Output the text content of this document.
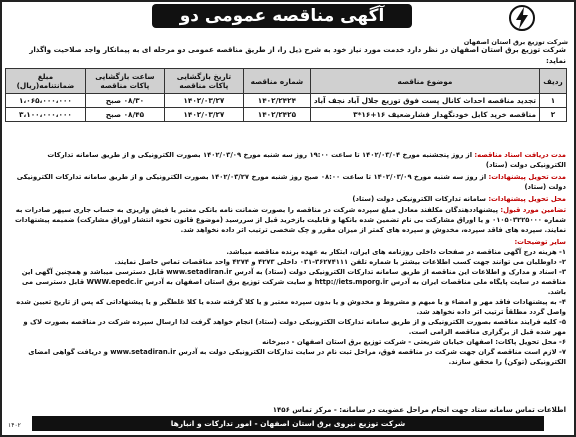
آگهی مناقصه عمومی دو مرحله ای	شرکت توزیع برق استان اصفهان
شرکت توزیع برق استان اصفهان در نظر دارد خدمت مورد نیاز خود به شرح ذیل را، از طریق مناقصه عمومی دو مرحله ای به پیمانکار واجد صلاحیت واگذار نماید:
ردیف	موضوع مناقصه	شماره مناقصه	تاریخ بازگشایی پاکات مناقصه	ساعت بازگشایی پاکات مناقصه	مبلغ ضمانتنامه(ریال)
۱	تجدید مناقصه احداث کانال پست فوق توزیع جلال آباد نجف آباد	۱۴۰۲/۲۴۲۴	۱۴۰۲/۰۳/۲۷	۰۸/۳۰ صبح	۱،۰۶۵،۰۰۰،۰۰۰
۲	مناقصه خرید کابل خودنگهدار فشارضعیف ۱۶+۱۶*۳	۱۴۰۲/۲۴۲۵	۱۴۰۲/۰۳/۲۷	۰۸/۴۵ صبح	۳،۱۰۰،۰۰۰،۰۰۰
مدت دریافت اسناد مناقصه: از روز پنجشنبه مورخ ۱۴۰۲/۰۳/۰۴ تا ساعت ۱۹:۰۰ روز سه شنبه مورخ ۱۴۰۲/۰۳/۰۹ بصورت الکترونیکی و از طریق سامانه تدارکات الکترونیکی دولت (ستاد)
مدت تحویل پیشنهادات: از روز سه شنبه مورخ ۱۴۰۲/۰۳/۰۹ تا ساعت ۰۸:۰۰ صبح روز شنبه مورخ ۱۴۰۲/۰۳/۲۷ بصورت الکترونیکی و از طریق سامانه تدارکات الکترونیکی دولت (ستاد)
محل تحویل پیشنهادات: سامانه تدارکات الکترونیکی دولت (ستاد)
تضامین مورد قبول: پیشنهاددهندگان مکلفند معادل مبلغ سپرده شرکت در مناقصه را بصورت ضمانت نامه بانکی معتبر یا فیش واریزی به حساب جاری سپهر صادرات به شماره ۰۱۰۵۰۳۲۲۵۰۰۰ و یا اوراق مشارکت بی نام تضمین شده بانکها و قابلیت بازخرید قبل از سررسید (موضوع قانون نحوه انتشار اوراق مشارکت) ضمیمه پیشنهادات نمایند. سپرده های فاقد سپرده، مخدوش و سپرده های کمتر از میزان مقرر و چک شخصی ترتیب اثر داده نخواهد شد.
سایر توضیحات:
۱- هزینه درج آگهی مناقصه در صفحات داخلی روزنامه های ایران، ابتکار به عهده برنده مناقصه میباشد.
۲- داوطلبان می توانند جهت کسب اطلاعات بیشتر با شماره تلفن ۳۶۲۷۴۱۱۱-۰۳۱ داخلی ۴۲۷۳ و ۴۲۷۴ واحد مناقصات تماس حاصل نمایند.
۳- اسناد و مدارک و اطلاعات این مناقصه از طریق سامانه تدارکات الکترونیکی دولت (ستاد) به آدرس www.setadiran.ir قابل دسترسی میباشد و همچنین آگهی این مناقصه در سایت پایگاه ملی مناقصات ایران به آدرس http://iets.mporg.ir و سایت شرکت توزیع برق استان اصفهان به آدرس WWW.epedc.ir قابل دسترسی می باشد.
۴- به پیشنهادات فاقد مهر و امضاء و یا مبهم و مشروط و مخدوش و یا بدون سپرده معتبر و یا کلا گرفته شده یا کلا غلطگیر و یا پیشنهاداتی که پس از تاریخ تعیین شده واصل گردد مطلقاً ترتیب اثر داده نخواهد شد.
۵- کلیه فرایند مناقصه بصورت الکترونیکی و از طریق سامانه تدارکات الکترونیکی دولت (ستاد) انجام خواهد گرفت لذا ارسال سپرده شرکت در مناقصه بصورت لاک و مهر شده قبل از برگزاری مناقصه الزامی است.
۶- محل تحویل پاکات: اصفهان خیابان شریعتی - شرکت توزیع برق استان اصفهان - دبیرخانه
۷- لازم است مناقصه گران جهت شرکت در مناقصه فوق، مراحل ثبت نام در سایت تدارکات الکترونیکی دولت به آدرس www.setadiran.ir و دریافت گواهی امضای الکترونیکی (توکن) را محقق سازند.
اطلاعات تماس سامانه ستاد جهت انجام مراحل عضویت در سامانه: - مرکز تماس ۱۴۵۶
شرکت توزیع نیروی برق استان اصفهان - امور تدارکات و انبارها
۱۴۰۲
